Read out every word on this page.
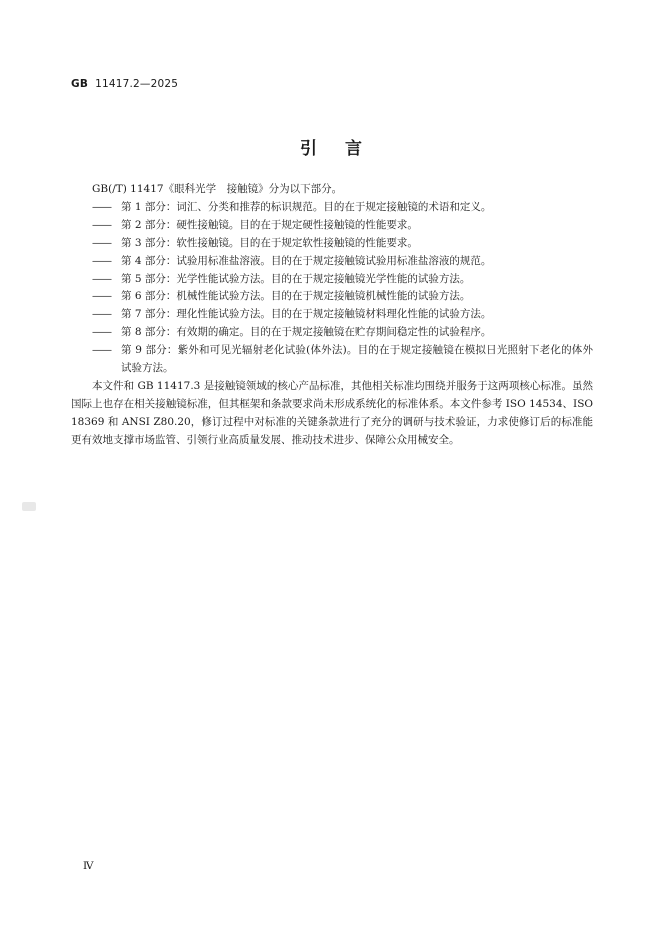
GB 11417.2—2025
引言

GB(/T) 11417《眼科光学　接触镜》分为以下部分。

—— 第 1 部分：词汇、分类和推荐的标识规范。目的在于规定接触镜的术语和定义。

—— 第 2 部分：硬性接触镜。目的在于规定硬性接触镜的性能要求。

—— 第 3 部分：软性接触镜。目的在于规定软性接触镜的性能要求。

—— 第 4 部分：试验用标准盐溶液。目的在于规定接触镜试验用标准盐溶液的规范。

—— 第 5 部分：光学性能试验方法。目的在于规定接触镜光学性能的试验方法。

—— 第 6 部分：机械性能试验方法。目的在于规定接触镜机械性能的试验方法。

—— 第 7 部分：理化性能试验方法。目的在于规定接触镜材料理化性能的试验方法。

—— 第 8 部分：有效期的确定。目的在于规定接触镜在贮存期间稳定性的试验程序。

—— 第 9 部分：紫外和可见光辐射老化试验(体外法)。目的在于规定接触镜在模拟日光照射下老化的体外试验方法。

本文件和 GB 11417.3 是接触镜领域的核心产品标准，其他相关标准均围绕并服务于这两项核心标准。虽然国际上也存在相关接触镜标准，但其框架和条款要求尚未形成系统化的标准体系。本文件参考 ISO 14534、ISO 18369 和 ANSI Z80.20，修订过程中对标准的关键条款进行了充分的调研与技术验证，力求使修订后的标准能更有效地支撑市场监管、引领行业高质量发展、推动技术进步、保障公众用械安全。

Ⅳ
